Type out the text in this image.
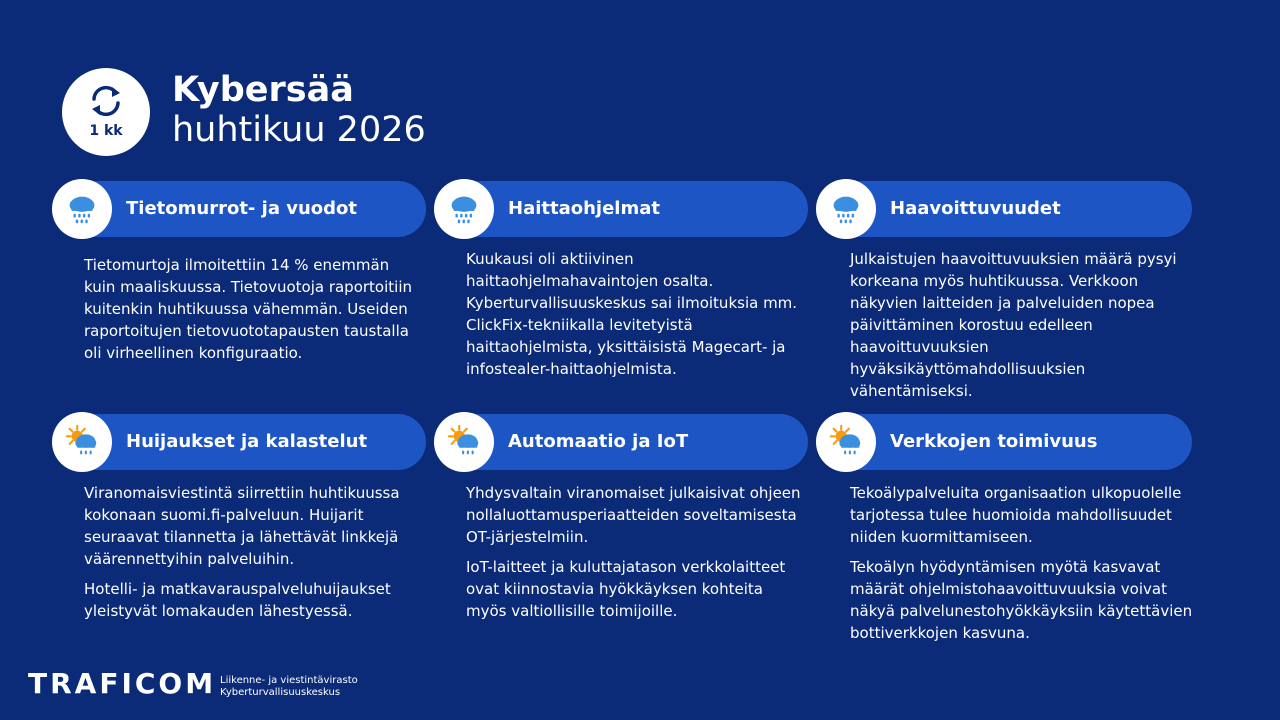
1 kk
Kybersää
huhtikuu 2026
Tietomurrot- ja vuodot

Tietomurtoja ilmoitettiin 14 % enemmän kuin maaliskuussa. Tietovuotoja raportoitiin kuitenkin huhtikuussa vähemmän. Useiden raportoitujen tietovuototapausten taustalla oli virheellinen konfiguraatio.

Haittaohjelmat

Kuukausi oli aktiivinen haittaohjelmahavaintojen osalta. Kyberturvallisuuskeskus sai ilmoituksia mm. ClickFix-tekniikalla levitetyistä haittaohjelmista, yksittäisistä Magecart- ja infostealer-haittaohjelmista.

Haavoittuvuudet

Julkaistujen haavoittuvuuksien määrä pysyi korkeana myös huhtikuussa. Verkkoon näkyvien laitteiden ja palveluiden nopea päivittäminen korostuu edelleen haavoittuvuuksien hyväksikäyttömahdollisuuksien vähentämiseksi.

Huijaukset ja kalastelut

Viranomaisviestintä siirrettiin huhtikuussa kokonaan suomi.fi-palveluun. Huijarit seuraavat tilannetta ja lähettävät linkkejä väärennettyihin palveluihin.

Hotelli- ja matkavarauspalveluhuijaukset yleistyvät lomakauden lähestyessä.

Automaatio ja IoT

Yhdysvaltain viranomaiset julkaisivat ohjeen nollaluottamusperiaatteiden soveltamisesta OT-järjestelmiin.

IoT-laitteet ja kuluttajatason verkkolaitteet ovat kiinnostavia hyökkäyksen kohteita myös valtiollisille toimijoille.

Verkkojen toimivuus

Tekoälypalveluita organisaation ulkopuolelle tarjotessa tulee huomioida mahdollisuudet niiden kuormittamiseen.

Tekoälyn hyödyntämisen myötä kasvavat määrät ohjelmistohaavoittuvuuksia voivat näkyä palvelunestohyökkäyksiin käytettävien bottiverkkojen kasvuna.

TRAFICOM Liikenne- ja viestintävirasto
Kyberturvallisuuskeskus
